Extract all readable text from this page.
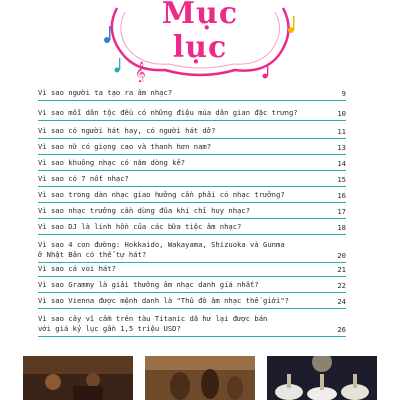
𝄞
Mục
lục
Vì sao người ta tạo ra âm nhạc?	9
Vì sao mỗi dân tộc đều có những điệu múa dân gian đặc trưng?	10
Vì sao có người hát hay, có người hát dở?	11
Vì sao nữ có giọng cao và thanh hơn nam?	13
Vì sao khuông nhạc có năm dòng kẻ?	14
Vì sao có 7 nốt nhạc?	15
Vì sao trong dàn nhạc giao hưởng cần phải có nhạc trưởng?	16
Vì sao nhạc trưởng cần dùng đũa khi chỉ huy nhạc?	17
Vì sao DJ là linh hồn của các bữa tiệc âm nhạc?	18
Vì sao 4 con đường: Hokkaido, Wakayama, Shizuoka và Gunma
ở Nhật Bản có thể tự hát?	20
Vì sao cá voi hát?	21
Vì sao Grammy là giải thưởng âm nhạc danh giá nhất?	22
Vì sao Vienna được mệnh danh là "Thủ đô âm nhạc thế giới"?	24
Vì sao cây vĩ cầm trên tàu Titanic dã hư lại được bán
với giá kỷ lục gần 1,5 triệu USD?	26
